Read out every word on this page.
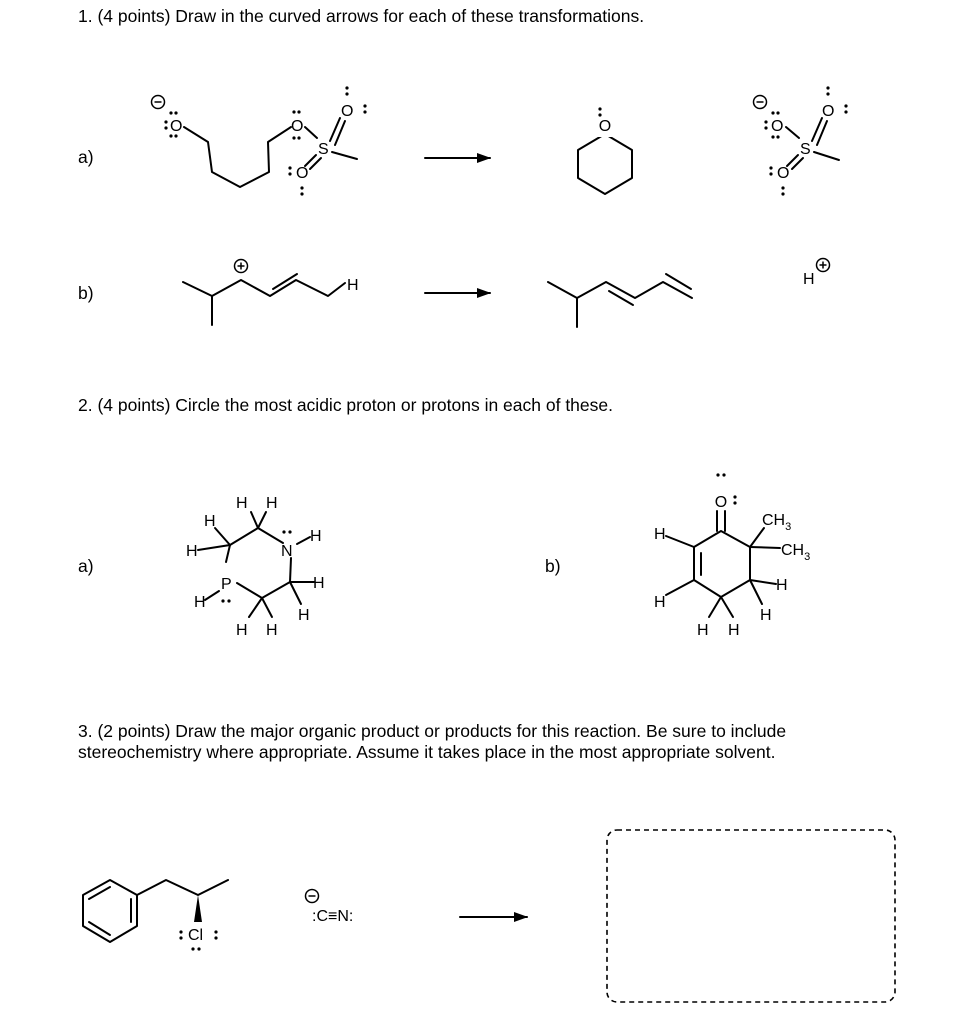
1. (4 points) Draw in the curved arrows for each of these transformations.
a)
b)
2. (4 points) Circle the most acidic proton or protons in each of these.
a)	b)
3. (2 points) Draw the major organic product or products for this reaction. Be sure to include
stereochemistry where appropriate. Assume it takes place in the most appropriate solvent.
O	O
S
O
O
O	O
S
O
O
H	H
N
P
H H
H
H
H
H
H
H H
H
O
H
H
$CH_3$
$CH_3$
H
H
H H
Cl
:C≡N:
